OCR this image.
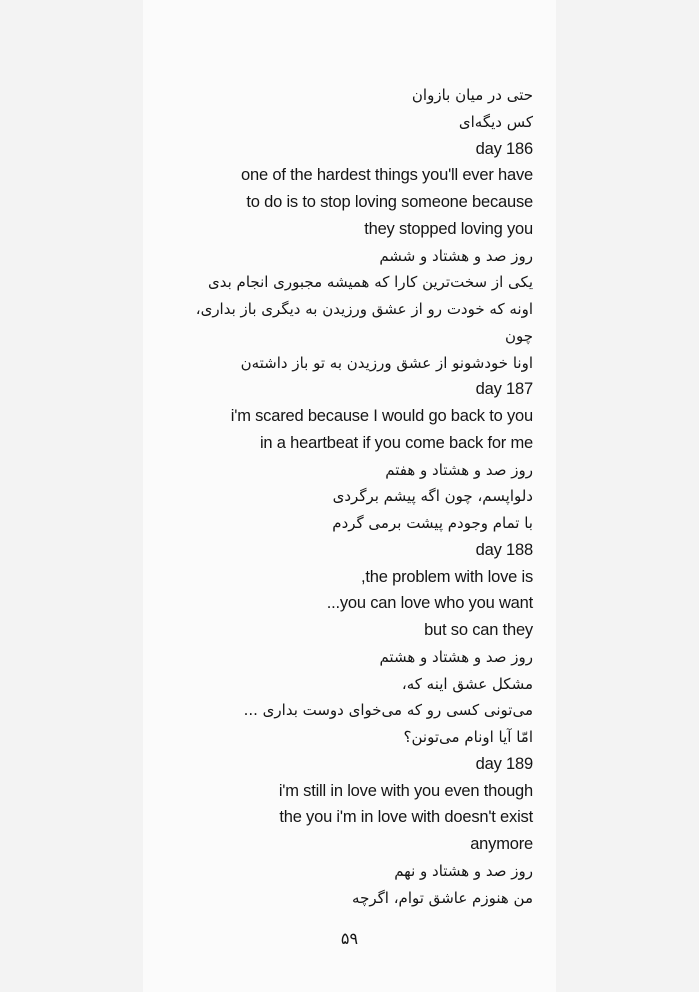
حتی در میان بازوان
کس دیگه‌ای
day 186
one of the hardest things you'll ever have
to do is to stop loving someone because
they stopped loving you
روز صد و هشتاد و ششم
یکی از سخت‌ترین کارا که همیشه مجبوری انجام بدی
اونه که خودت رو از عشق ورزیدن به دیگری باز بداری،
چون
اونا خودشونو از عشق ورزیدن به تو باز داشته‌ن
day 187
i'm scared because I would go back to you
in a heartbeat if you come back for me
روز صد و هشتاد و هفتم
دلواپسم، چون اگه پیشم برگردی
با تمام وجودم پیشت برمی گردم
day 188
,the problem with love is
...you can love who you want
but so can they
روز صد و هشتاد و هشتم
مشکل عشق اینه که،
می‌تونی کسی رو که می‌خوای دوست بداری ...
امّا آیا اونام می‌تونن؟
day 189
i'm still in love with you even though
the you i'm in love with doesn't exist
anymore
روز صد و هشتاد و نهم
من هنوزم عاشق توام، اگرچه
۵۹
